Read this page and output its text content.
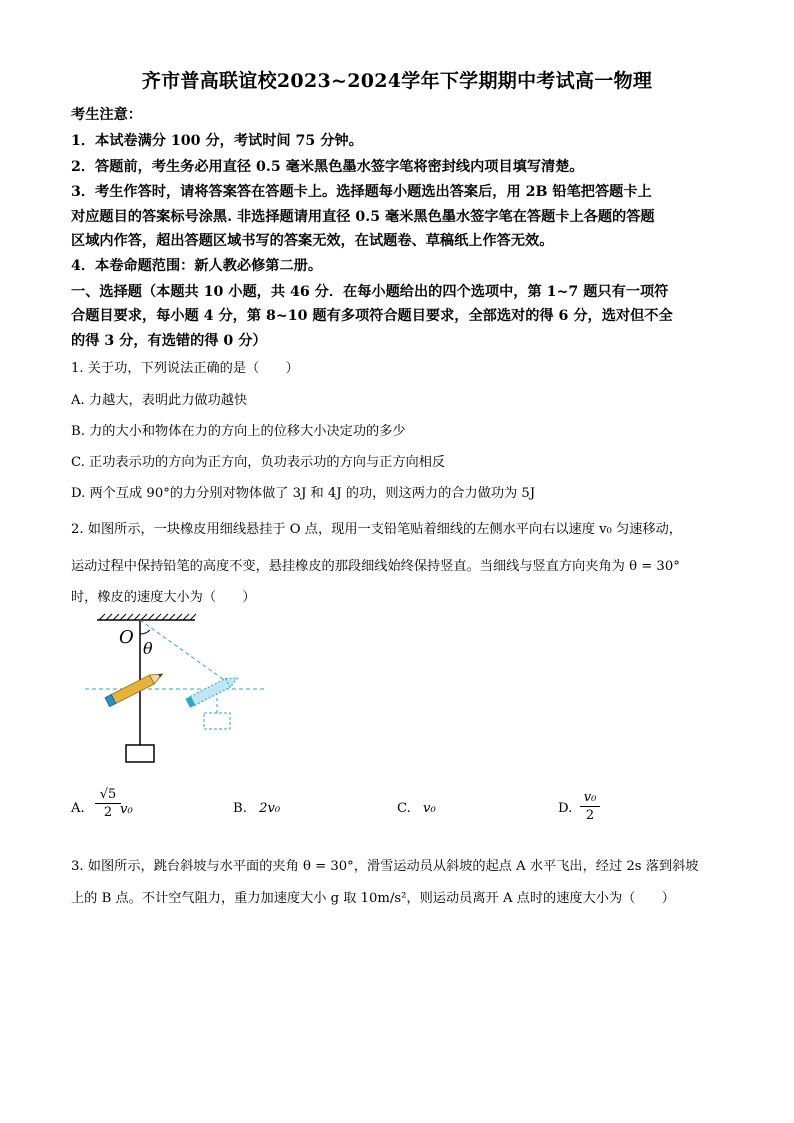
齐市普高联谊校2023~2024学年下学期期中考试高一物理
考生注意：
1．本试卷满分 100 分，考试时间 75 分钟。
2．答题前，考生务必用直径 0.5 毫米黑色墨水签字笔将密封线内项目填写清楚。
3．考生作答时，请将答案答在答题卡上。选择题每小题选出答案后，用 2B 铅笔把答题卡上
对应题目的答案标号涂黑. 非选择题请用直径 0.5 毫米黑色墨水签字笔在答题卡上各题的答题
区域内作答，超出答题区域书写的答案无效，在试题卷、草稿纸上作答无效。
4．本卷命题范围：新人教必修第二册。
一、选择题（本题共 10 小题，共 46 分．在每小题给出的四个选项中，第 1~7 题只有一项符
合题目要求，每小题 4 分，第 8~10 题有多项符合题目要求，全部选对的得 6 分，选对但不全
的得 3 分，有选错的得 0 分）
1. 关于功，下列说法正确的是（　　）
A. 力越大，表明此力做功越快
B. 力的大小和物体在力的方向上的位移大小决定功的多少
C. 正功表示功的方向为正方向，负功表示功的方向与正方向相反
D. 两个互成 90°的力分别对物体做了 3J 和 4J 的功，则这两力的合力做功为 5J
2. 如图所示，一块橡皮用细线悬挂于 O 点，现用一支铅笔贴着细线的左侧水平向右以速度 v₀ 匀速移动，
运动过程中保持铅笔的高度不变，悬挂橡皮的那段细线始终保持竖直。当细线与竖直方向夹角为 θ = 30°
时，橡皮的速度大小为（　　）
O
θ
A.
√5
2 v₀	B. 2v₀	C. v₀	D.
v₀
2
3. 如图所示，跳台斜坡与水平面的夹角 θ = 30°，滑雪运动员从斜坡的起点 A 水平飞出，经过 2s 落到斜坡
上的 B 点。不计空气阻力，重力加速度大小 g 取 10m/s²，则运动员离开 A 点时的速度大小为（　　）
